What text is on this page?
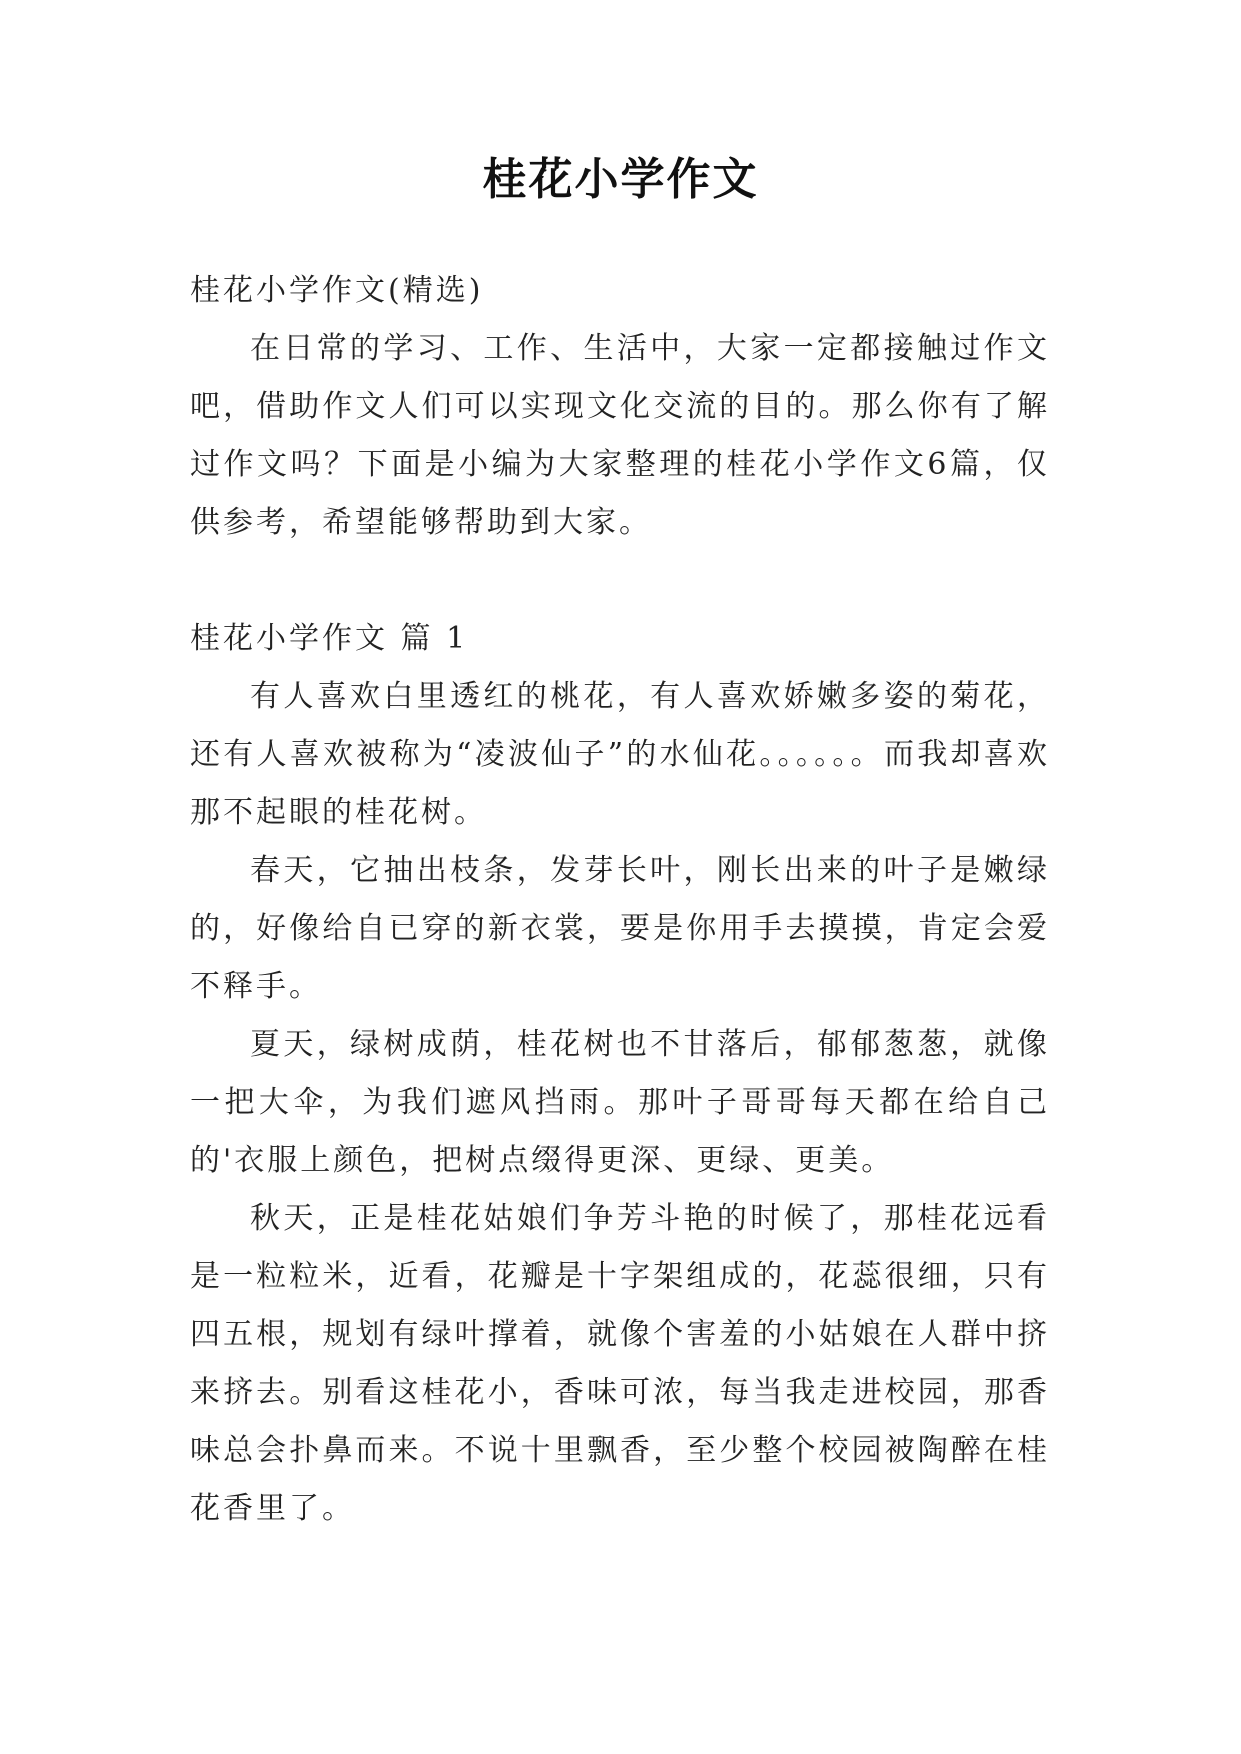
桂花小学作文

桂花小学作文(精选)

在日常的学习、工作、生活中，大家一定都接触过作文吧，借助作文人们可以实现文化交流的目的。那么你有了解过作文吗？下面是小编为大家整理的桂花小学作文6篇，仅供参考，希望能够帮助到大家。

桂花小学作文 篇 1

有人喜欢白里透红的桃花，有人喜欢娇嫩多姿的菊花，还有人喜欢被称为“凌波仙子”的水仙花。。。。。。而我却喜欢那不起眼的桂花树。

春天，它抽出枝条，发芽长叶，刚长出来的叶子是嫩绿的，好像给自已穿的新衣裳，要是你用手去摸摸，肯定会爱不释手。

夏天，绿树成荫，桂花树也不甘落后，郁郁葱葱，就像一把大伞，为我们遮风挡雨。那叶子哥哥每天都在给自己的'衣服上颜色，把树点缀得更深、更绿、更美。

秋天，正是桂花姑娘们争芳斗艳的时候了，那桂花远看是一粒粒米，近看，花瓣是十字架组成的，花蕊很细，只有四五根，规划有绿叶撑着，就像个害羞的小姑娘在人群中挤来挤去。别看这桂花小，香味可浓，每当我走进校园，那香味总会扑鼻而来。不说十里飘香，至少整个校园被陶醉在桂花香里了。
